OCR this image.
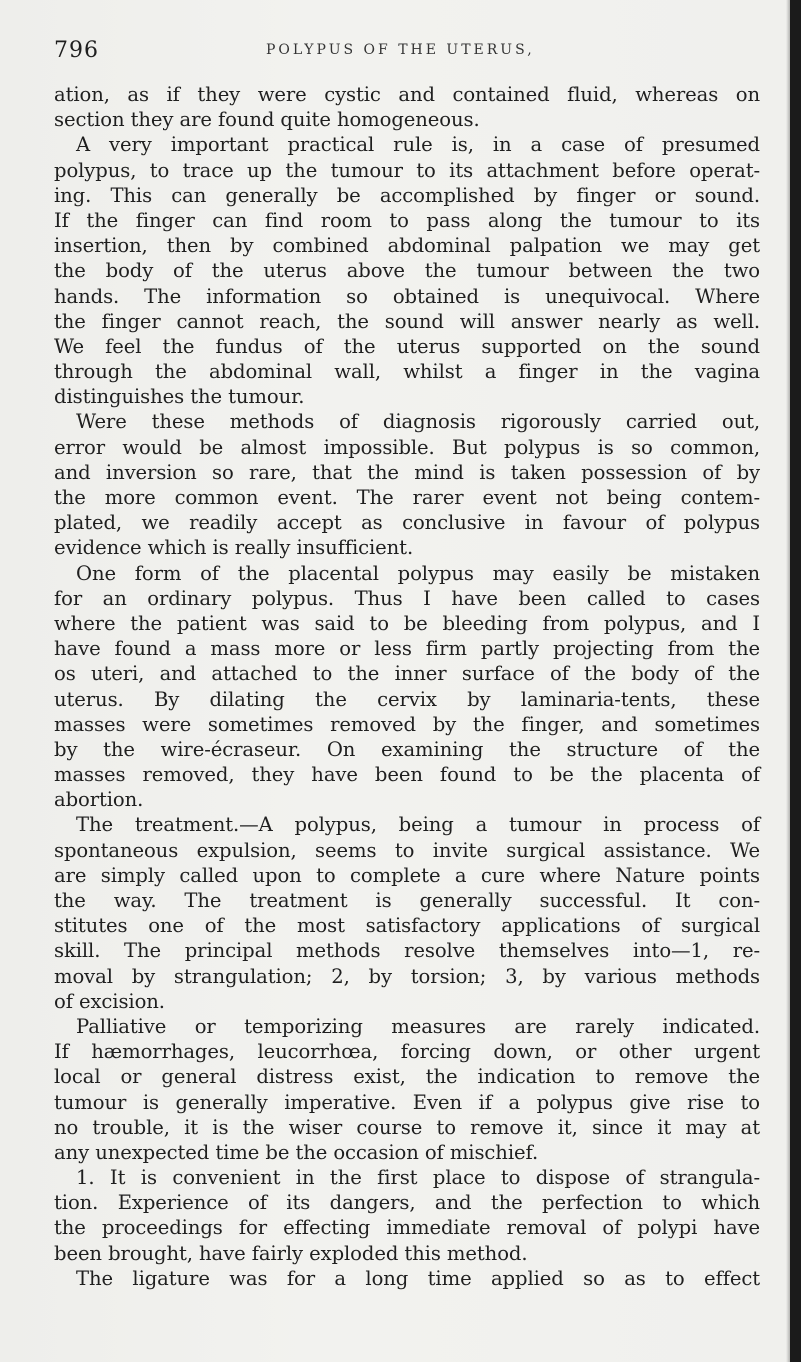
796	POLYPUS OF THE UTERUS,
ation, as if they were cystic and contained fluid, whereas on
section they are found quite homogeneous.
A very important practical rule is, in a case of presumed
polypus, to trace up the tumour to its attachment before operat-
ing. This can generally be accomplished by finger or sound.
If the finger can find room to pass along the tumour to its
insertion, then by combined abdominal palpation we may get
the body of the uterus above the tumour between the two
hands. The information so obtained is unequivocal. Where
the finger cannot reach, the sound will answer nearly as well.
We feel the fundus of the uterus supported on the sound
through the abdominal wall, whilst a finger in the vagina
distinguishes the tumour.
Were these methods of diagnosis rigorously carried out,
error would be almost impossible. But polypus is so common,
and inversion so rare, that the mind is taken possession of by
the more common event. The rarer event not being contem-
plated, we readily accept as conclusive in favour of polypus
evidence which is really insufficient.
One form of the placental polypus may easily be mistaken
for an ordinary polypus. Thus I have been called to cases
where the patient was said to be bleeding from polypus, and I
have found a mass more or less firm partly projecting from the
os uteri, and attached to the inner surface of the body of the
uterus. By dilating the cervix by laminaria-tents, these
masses were sometimes removed by the finger, and sometimes
by the wire-écraseur. On examining the structure of the
masses removed, they have been found to be the placenta of
abortion.
The treatment.—A polypus, being a tumour in process of
spontaneous expulsion, seems to invite surgical assistance. We
are simply called upon to complete a cure where Nature points
the way. The treatment is generally successful. It con-
stitutes one of the most satisfactory applications of surgical
skill. The principal methods resolve themselves into—1, re-
moval by strangulation; 2, by torsion; 3, by various methods
of excision.
Palliative or temporizing measures are rarely indicated.
If hæmorrhages, leucorrhœa, forcing down, or other urgent
local or general distress exist, the indication to remove the
tumour is generally imperative. Even if a polypus give rise to
no trouble, it is the wiser course to remove it, since it may at
any unexpected time be the occasion of mischief.
1. It is convenient in the first place to dispose of strangula-
tion. Experience of its dangers, and the perfection to which
the proceedings for effecting immediate removal of polypi have
been brought, have fairly exploded this method.
The ligature was for a long time applied so as to effect
